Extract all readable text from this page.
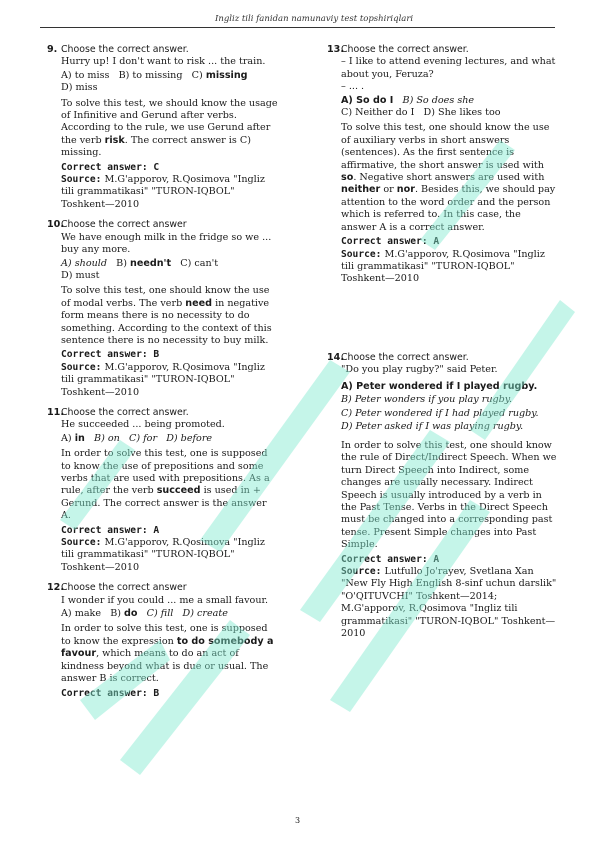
Ingliz tili fanidan namunaviy test topshiriqlari
9. Choose the correct answer.
Hurry up! I don't want to risk ... the train.
A) to miss B) to missing C) missing
D) miss
To solve this test, we should know the usage of Infinitive and Gerund after verbs. According to the rule, we use Gerund after the verb risk. The correct answer is C) missing.
Correct answer: C
Source: M.G'apporov, R.Qosimova "Ingliz tili grammatikasi" "TURON-IQBOL" Toshkent—2010
10.
Choose the correct answer
We have enough milk in the fridge so we ... buy any more.
A) should B) needn't C) can't
D) must
To solve this test, one should know the use of modal verbs. The verb need in negative form means there is no necessity to do something. According to the context of this sentence there is no necessity to buy milk.
Correct answer: B
Source: M.G'apporov, R.Qosimova "Ingliz tili grammatikasi" "TURON-IQBOL" Toshkent—2010
11.
Choose the correct answer.
He succeeded ... being promoted.
A) in B) on C) for D) before
In order to solve this test, one is supposed to know the use of prepositions and some verbs that are used with prepositions. As a rule, after the verb succeed is used in + Gerund. The correct answer is the answer A.
Correct answer: A
Source: M.G'apporov, R.Qosimova "Ingliz tili grammatikasi" "TURON-IQBOL" Toshkent—2010
12.
Choose the correct answer
I wonder if you could ... me a small favour.
A) make B) do C) fill D) create
In order to solve this test, one is supposed to know the expression to do somebody a favour, which means to do an act of kindness beyond what is due or usual. The answer B is correct.
Correct answer: B
13.
Choose the correct answer.
– I like to attend evening lectures, and what about you, Feruza?
– ... .
A) So do I B) So does she
C) Neither do I D) She likes too
To solve this test, one should know the use of auxiliary verbs in short answers (sentences). As the first sentence is affirmative, the short answer is used with so. Negative short answers are used with neither or nor. Besides this, we should pay attention to the word order and the person which is referred to. In this case, the answer A is a correct answer.
Correct answer: A
Source: M.G'apporov, R.Qosimova "Ingliz tili grammatikasi" "TURON-IQBOL" Toshkent—2010
14.
Choose the correct answer.
"Do you play rugby?" said Peter.
A) Peter wondered if I played rugby.
B) Peter wonders if you play rugby.
C) Peter wondered if I had played rugby.
D) Peter asked if I was playing rugby.
In order to solve this test, one should know the rule of Direct/Indirect Speech. When we turn Direct Speech into Indirect, some changes are usually necessary. Indirect Speech is usually introduced by a verb in the Past Tense. Verbs in the Direct Speech must be changed into a corresponding past tense. Present Simple changes into Past Simple.
Correct answer: A
Source: Lutfullo Jo'rayev, Svetlana Xan "New Fly High English 8-sinf uchun darslik" "O'QITUVCHI" Toshkent—2014; M.G'apporov, R.Qosimova "Ingliz tili grammatikasi" "TURON-IQBOL" Toshkent—2010
3
